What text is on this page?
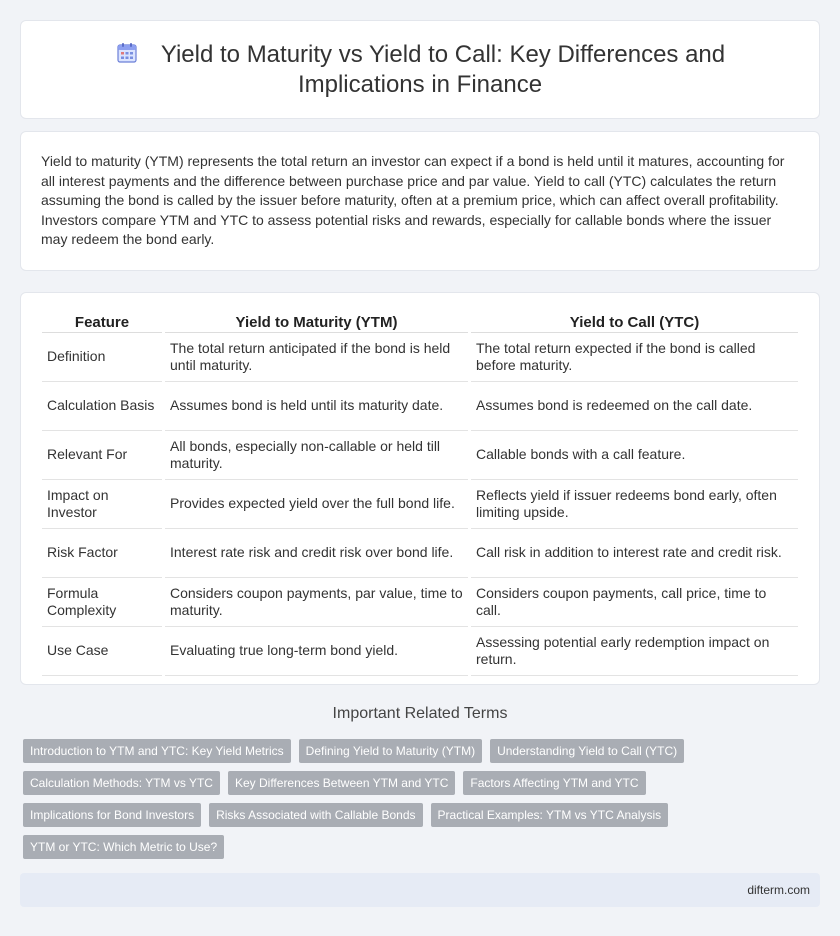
Yield to Maturity vs Yield to Call: Key Differences and Implications in Finance

Yield to maturity (YTM) represents the total return an investor can expect if a bond is held until it matures, accounting for all interest payments and the difference between purchase price and par value. Yield to call (YTC) calculates the return assuming the bond is called by the issuer before maturity, often at a premium price, which can affect overall profitability. Investors compare YTM and YTC to assess potential risks and rewards, especially for callable bonds where the issuer may redeem the bond early.

Feature	Yield to Maturity (YTM)	Yield to Call (YTC)
Definition	The total return anticipated if the bond is held until maturity.	The total return expected if the bond is called before maturity.
Calculation Basis	Assumes bond is held until its maturity date.	Assumes bond is redeemed on the call date.
Relevant For	All bonds, especially non-callable or held till maturity.	Callable bonds with a call feature.
Impact on Investor	Provides expected yield over the full bond life.	Reflects yield if issuer redeems bond early, often limiting upside.
Risk Factor	Interest rate risk and credit risk over bond life.	Call risk in addition to interest rate and credit risk.
Formula Complexity	Considers coupon payments, par value, time to maturity.	Considers coupon payments, call price, time to call.
Use Case	Evaluating true long-term bond yield.	Assessing potential early redemption impact on return.
Important Related Terms
Introduction to YTM and YTC: Key Yield Metrics	Defining Yield to Maturity (YTM)	Understanding Yield to Call (YTC)
Calculation Methods: YTM vs YTC	Key Differences Between YTM and YTC	Factors Affecting YTM and YTC
Implications for Bond Investors	Risks Associated with Callable Bonds	Practical Examples: YTM vs YTC Analysis
YTM or YTC: Which Metric to Use?
difterm.com
